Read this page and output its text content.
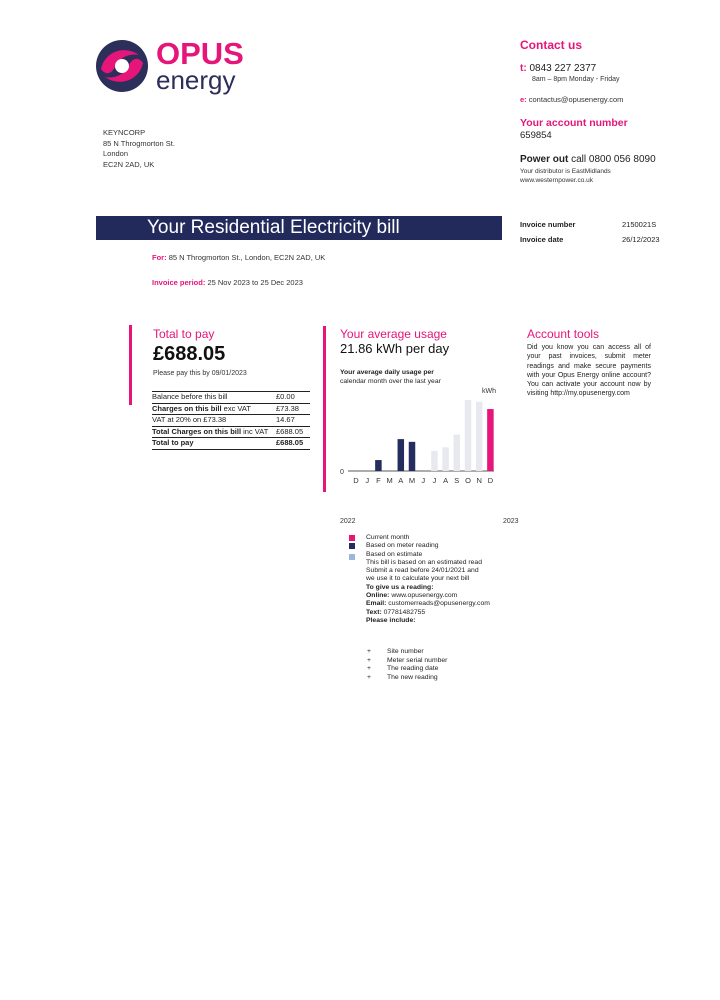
OPUS
energy
KEYNCORP
85 N Throgmorton St.
London
EC2N 2AD, UK
Contact us
t: 0843 227 2377
8am – 8pm Monday - Friday
e: contactus@opusenergy.com
Your account number
659854
Power out call 0800 056 8090
Your distributor is EastMidlands
www.westernpower.co.uk
Your Residential Electricity bill	Invoice number	2150021S
Invoice date	26/12/2023
For: 85 N Throgmorton St., London, EC2N 2AD, UK
Invoice period: 25 Nov 2023 to 25 Dec 2023
Total to pay
£688.05
Please pay this by 09/01/2023
Balance before this bill	£0.00
Charges on this bill exc VAT	£73.38
VAT at 20% on £73.38	14.67
Total Charges on this bill inc VAT	£688.05
Total to pay	£688.05
Your average usage
21.86 kWh per day
Your average daily usage per
calendar month over the last year
kWh
0
D J F M A M J J A S O N D
2022	2023
Current month
Based on meter reading
Based on estimate
This bill is based on an estimated read
Submit a read before 24/01/2021 and
we use it to calculate your next bill
To give us a reading:
Online: www.opusenergy.com
Email: customerreads@opusenergy.com
Text: 07781482755
Please include:
+	Site number
+	Meter serial number
+	The reading date
+	The new reading
Account tools
Did you know you can access all of your past invoices, submit meter readings and make secure payments with your Opus Energy online account? You can activate your account now by visiting http://my.opusenergy.com
